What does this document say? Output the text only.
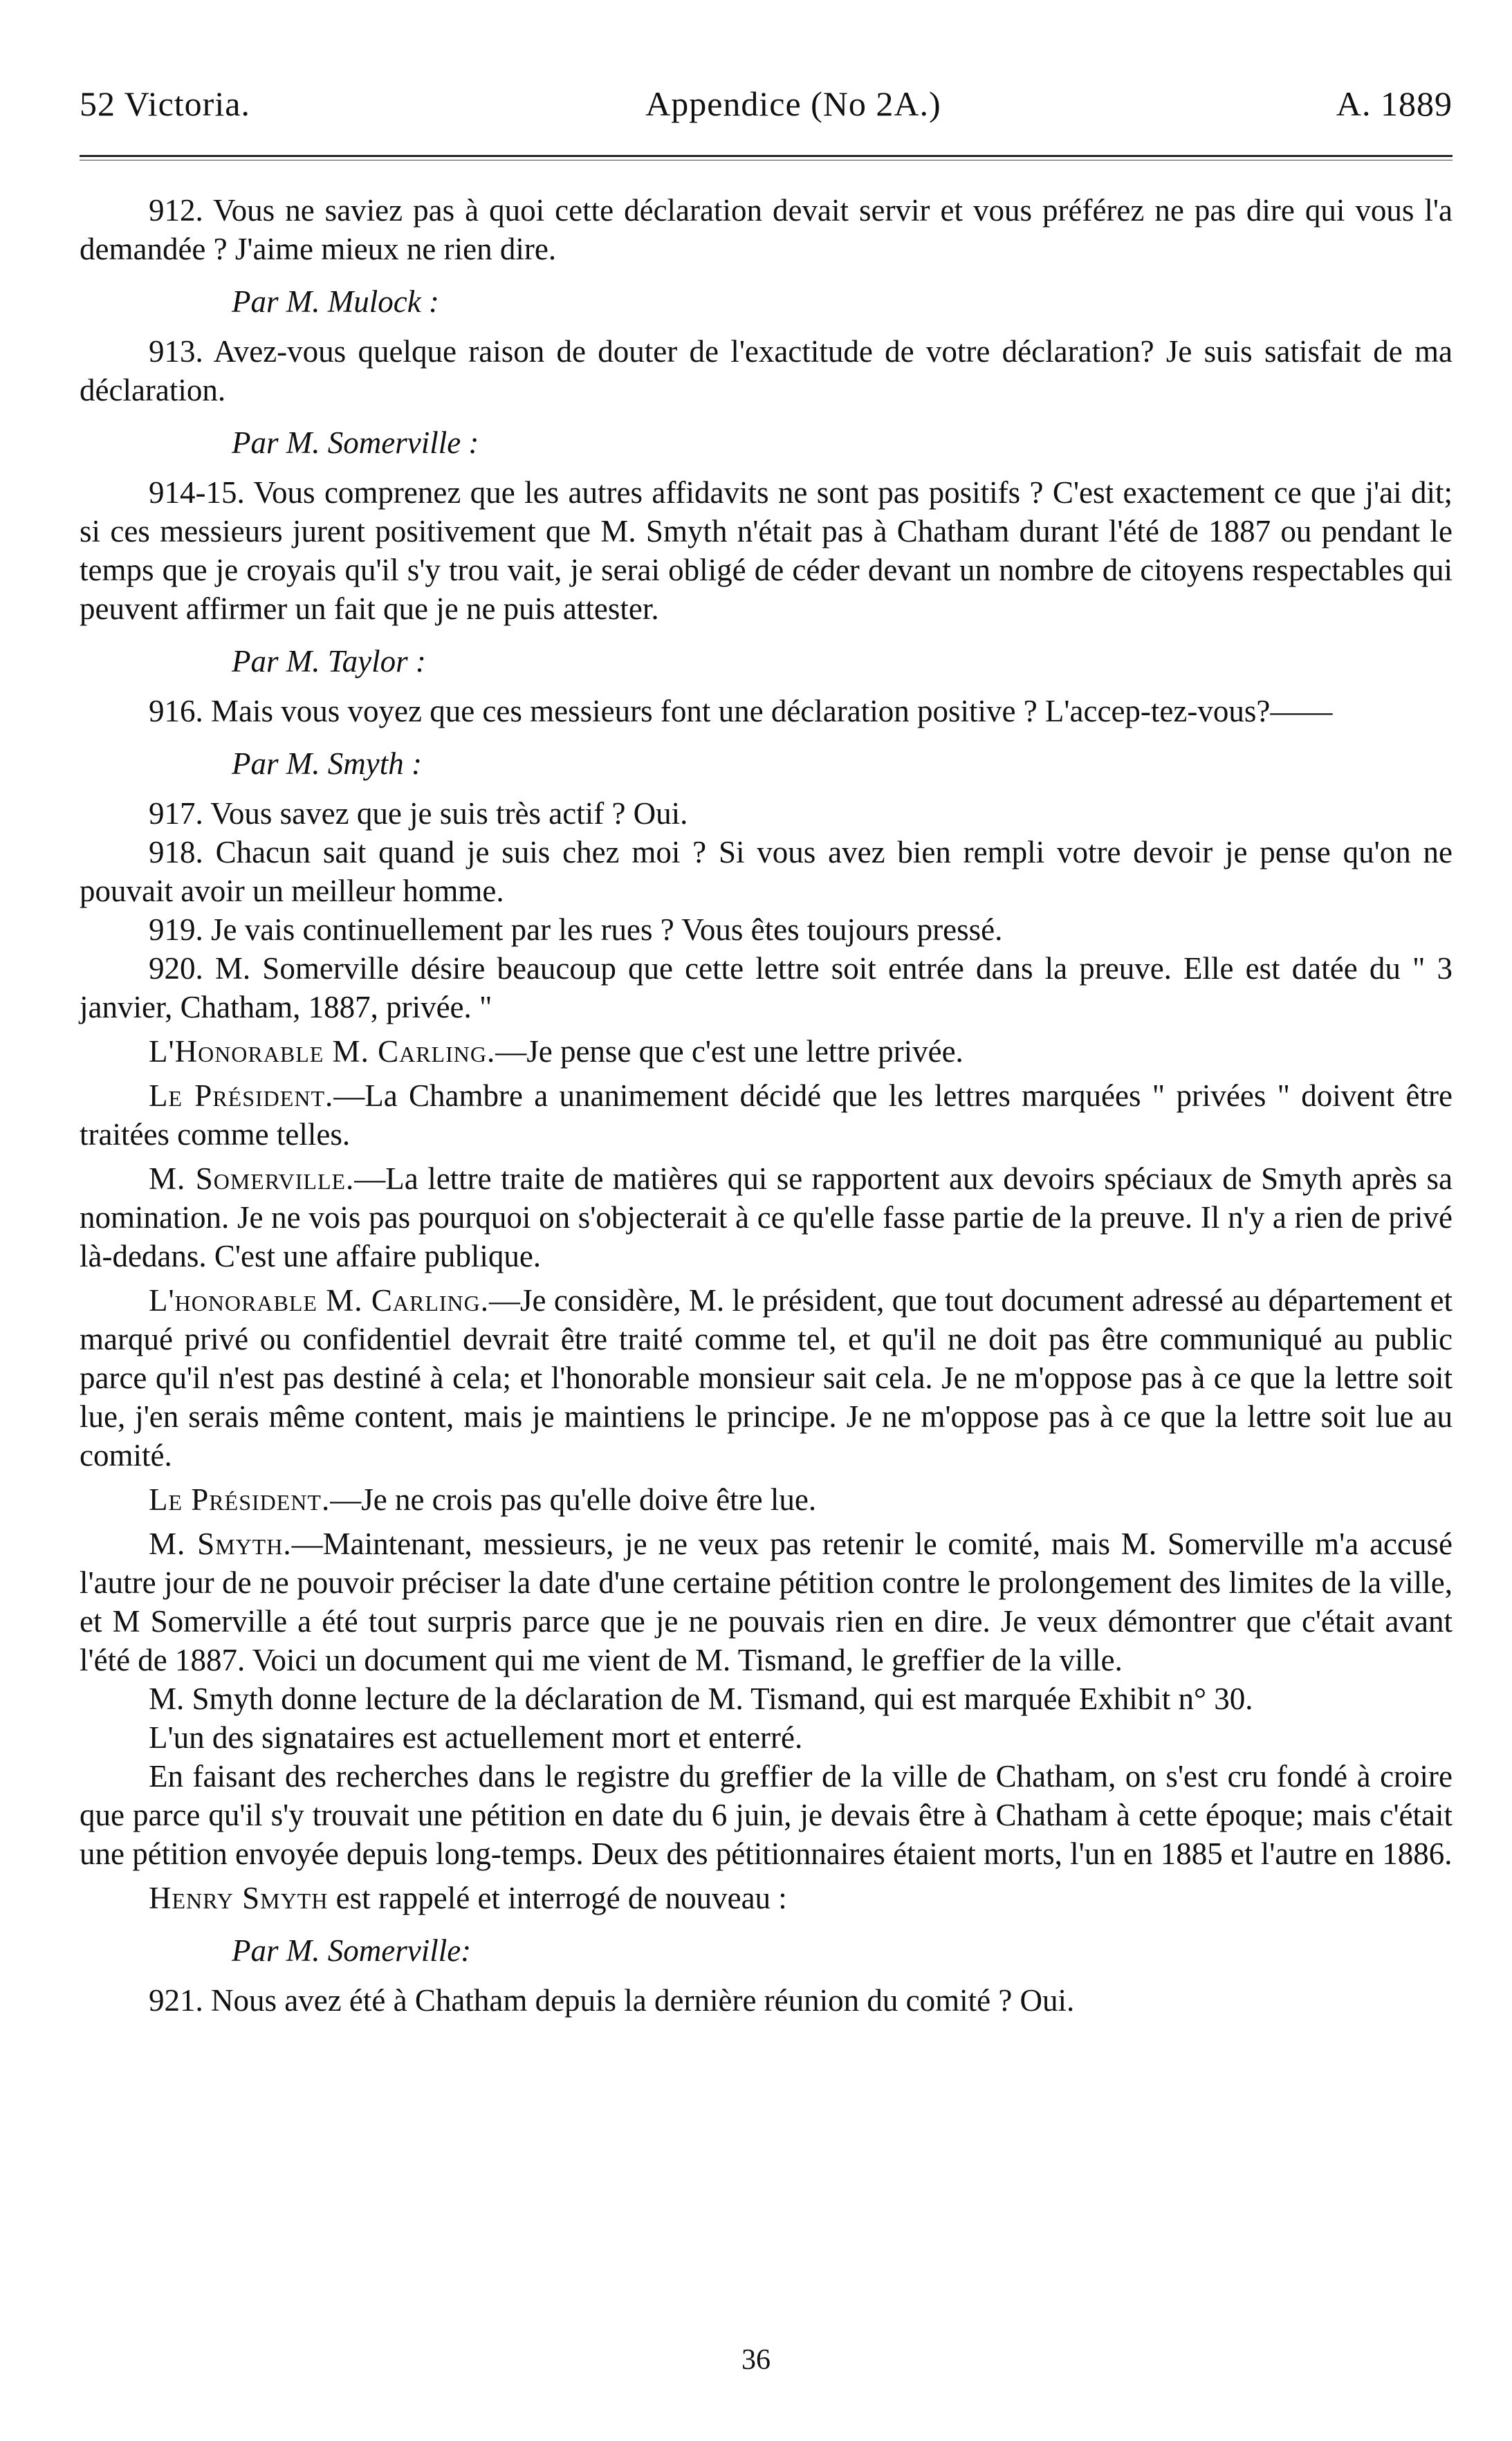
52 Victoria.	Appendice (No 2A.)	A. 1889

912. Vous ne saviez pas à quoi cette déclaration devait servir et vous préférez ne pas dire qui vous l'a demandée ? J'aime mieux ne rien dire.

Par M. Mulock :

913. Avez-vous quelque raison de douter de l'exactitude de votre déclaration? Je suis satisfait de ma déclaration.

Par M. Somerville :

914-15. Vous comprenez que les autres affidavits ne sont pas positifs ? C'est exactement ce que j'ai dit; si ces messieurs jurent positivement que M. Smyth n'était pas à Chatham durant l'été de 1887 ou pendant le temps que je croyais qu'il s'y trou vait, je serai obligé de céder devant un nombre de citoyens respectables qui peuvent affirmer un fait que je ne puis attester.

Par M. Taylor :

916. Mais vous voyez que ces messieurs font une déclaration positive ? L'accep-tez-vous?——

Par M. Smyth :

917. Vous savez que je suis très actif ? Oui.

918. Chacun sait quand je suis chez moi ? Si vous avez bien rempli votre devoir je pense qu'on ne pouvait avoir un meilleur homme.

919. Je vais continuellement par les rues ? Vous êtes toujours pressé.

920. M. Somerville désire beaucoup que cette lettre soit entrée dans la preuve. Elle est datée du " 3 janvier, Chatham, 1887, privée. "

L'Honorable M. Carling.—Je pense que c'est une lettre privée.

Le Président.—La Chambre a unanimement décidé que les lettres marquées " privées " doivent être traitées comme telles.

M. Somerville.—La lettre traite de matières qui se rapportent aux devoirs spéciaux de Smyth après sa nomination. Je ne vois pas pourquoi on s'objecterait à ce qu'elle fasse partie de la preuve. Il n'y a rien de privé là-dedans. C'est une affaire publique.

L'honorable M. Carling.—Je considère, M. le président, que tout document adressé au département et marqué privé ou confidentiel devrait être traité comme tel, et qu'il ne doit pas être communiqué au public parce qu'il n'est pas destiné à cela; et l'honorable monsieur sait cela. Je ne m'oppose pas à ce que la lettre soit lue, j'en serais même content, mais je maintiens le principe. Je ne m'oppose pas à ce que la lettre soit lue au comité.

Le Président.—Je ne crois pas qu'elle doive être lue.

M. Smyth.—Maintenant, messieurs, je ne veux pas retenir le comité, mais M. Somerville m'a accusé l'autre jour de ne pouvoir préciser la date d'une certaine pétition contre le prolongement des limites de la ville, et M Somerville a été tout surpris parce que je ne pouvais rien en dire. Je veux démontrer que c'était avant l'été de 1887. Voici un document qui me vient de M. Tismand, le greffier de la ville.

M. Smyth donne lecture de la déclaration de M. Tismand, qui est marquée Exhibit n° 30.

L'un des signataires est actuellement mort et enterré.

En faisant des recherches dans le registre du greffier de la ville de Chatham, on s'est cru fondé à croire que parce qu'il s'y trouvait une pétition en date du 6 juin, je devais être à Chatham à cette époque; mais c'était une pétition envoyée depuis long-temps. Deux des pétitionnaires étaient morts, l'un en 1885 et l'autre en 1886.

Henry Smyth est rappelé et interrogé de nouveau :

Par M. Somerville:

921. Nous avez été à Chatham depuis la dernière réunion du comité ? Oui.

36
